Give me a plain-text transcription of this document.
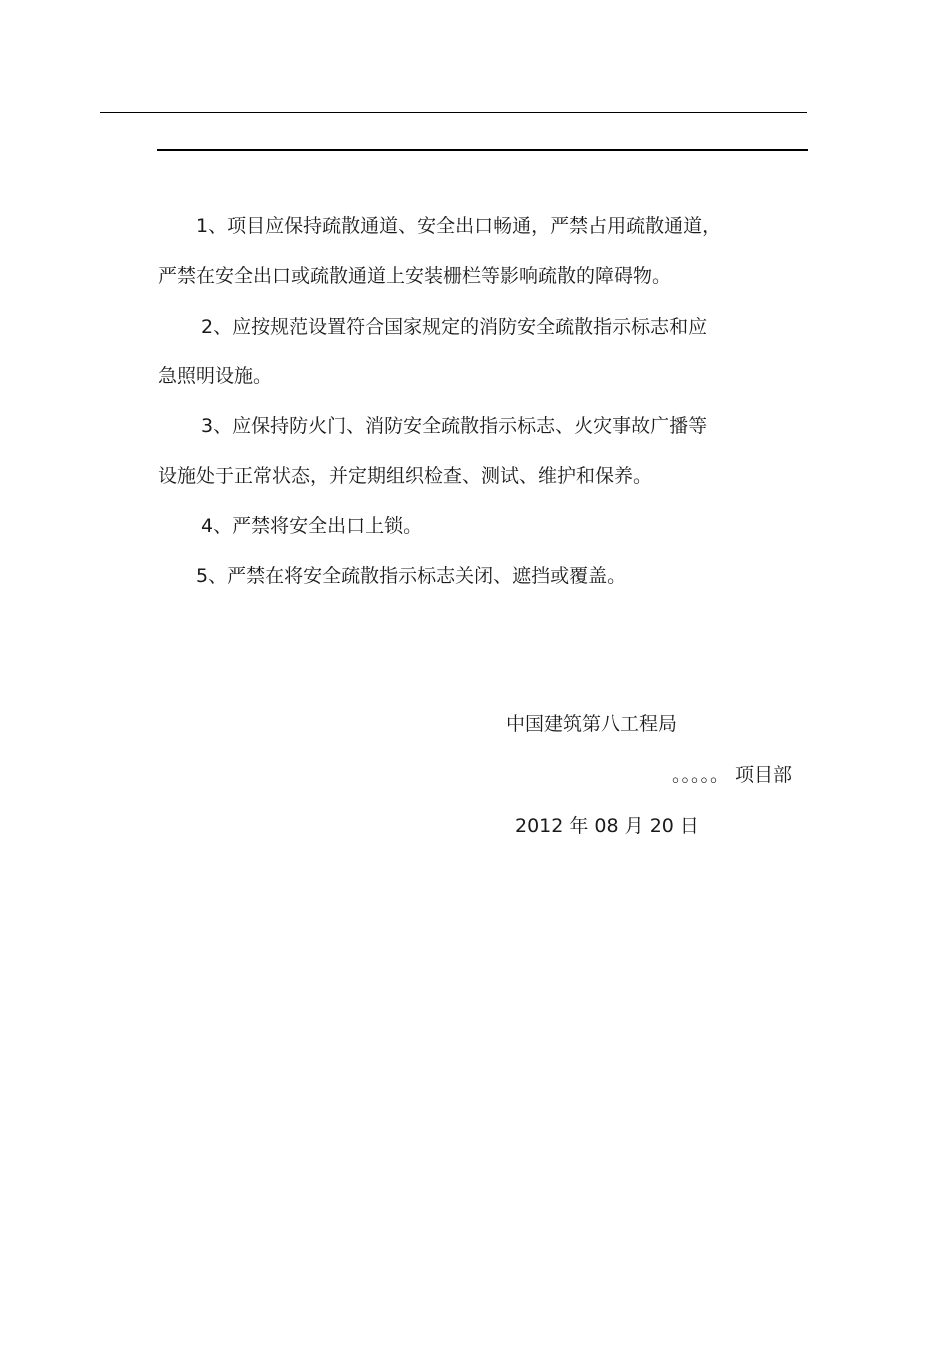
1、项目应保持疏散通道、安全出口畅通，严禁占用疏散通道，
严禁在安全出口或疏散通道上安装栅栏等影响疏散的障碍物。
2、应按规范设置符合国家规定的消防安全疏散指示标志和应
急照明设施。
3、应保持防火门、消防安全疏散指示标志、火灾事故广播等
设施处于正常状态，并定期组织检查、测试、维护和保养。
4、严禁将安全出口上锁。
5、严禁在将安全疏散指示标志关闭、遮挡或覆盖。
中国建筑第八工程局
。。。。。 项目部
2012 年 08 月 20 日
